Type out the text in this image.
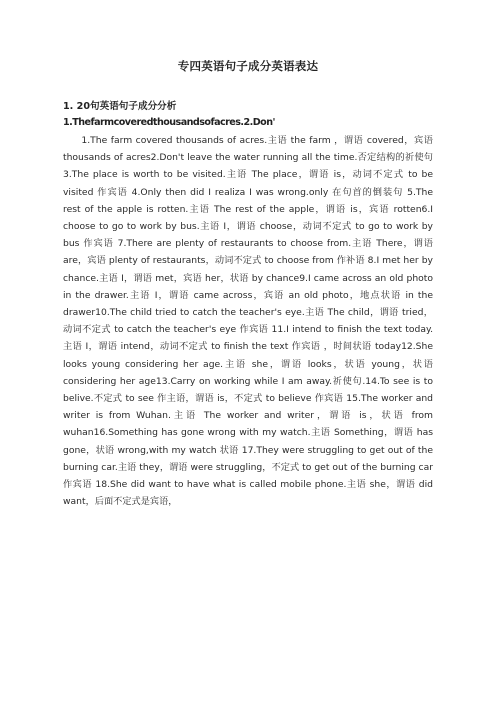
专四英语句子成分英语表达
1. 20句英语句子成分分析
1.Thefarmcoveredthousandsofacres.2.Don'

1.The farm covered thousands of acres.主语 the farm ，谓语 covered，宾语 thousands of acres2.Don't leave the water running all the time.否定结构的祈使句 3.The place is worth to be visited.主语 The place，谓语 is，动词不定式 to be visited 作宾语 4.Only then did I realiza I was wrong.only 在句首的倒装句 5.The rest of the apple is rotten.主语 The rest of the apple，谓语 is，宾语 rotten6.I choose to go to work by bus.主语 I，谓语 choose，动词不定式 to go to work by bus 作宾语 7.There are plenty of restaurants to choose from.主语 There，谓语 are，宾语 plenty of restaurants，动词不定式 to choose from 作补语 8.I met her by chance.主语 I，谓语 met，宾语 her，状语 by chance9.I came across an old photo in the drawer.主语 I，谓语 came across，宾语 an old photo，地点状语 in the drawer10.The child tried to catch the teacher's eye.主语 The child，谓语 tried，动词不定式 to catch the teacher's eye 作宾语 11.I intend to finish the text today.主语 I，谓语 intend，动词不定式 to finish the text 作宾语 ，时间状语 today12.She looks young considering her age.主语 she，谓语 looks，状语 young，状语 considering her age13.Carry on working while I am away.祈使句.14.To see is to belive.不定式 to see 作主语，谓语 is，不定式 to believe 作宾语 15.The worker and writer is from Wuhan.主语 The worker and writer，谓语 is，状语 from wuhan16.Something has gone wrong with my watch.主语 Something，谓语 has gone，状语 wrong,with my watch 状语 17.They were struggling to get out of the burning car.主语 they，谓语 were struggling，不定式 to get out of the burning car 作宾语 18.She did want to have what is called mobile phone.主语 she，谓语 did want，后面不定式是宾语，
